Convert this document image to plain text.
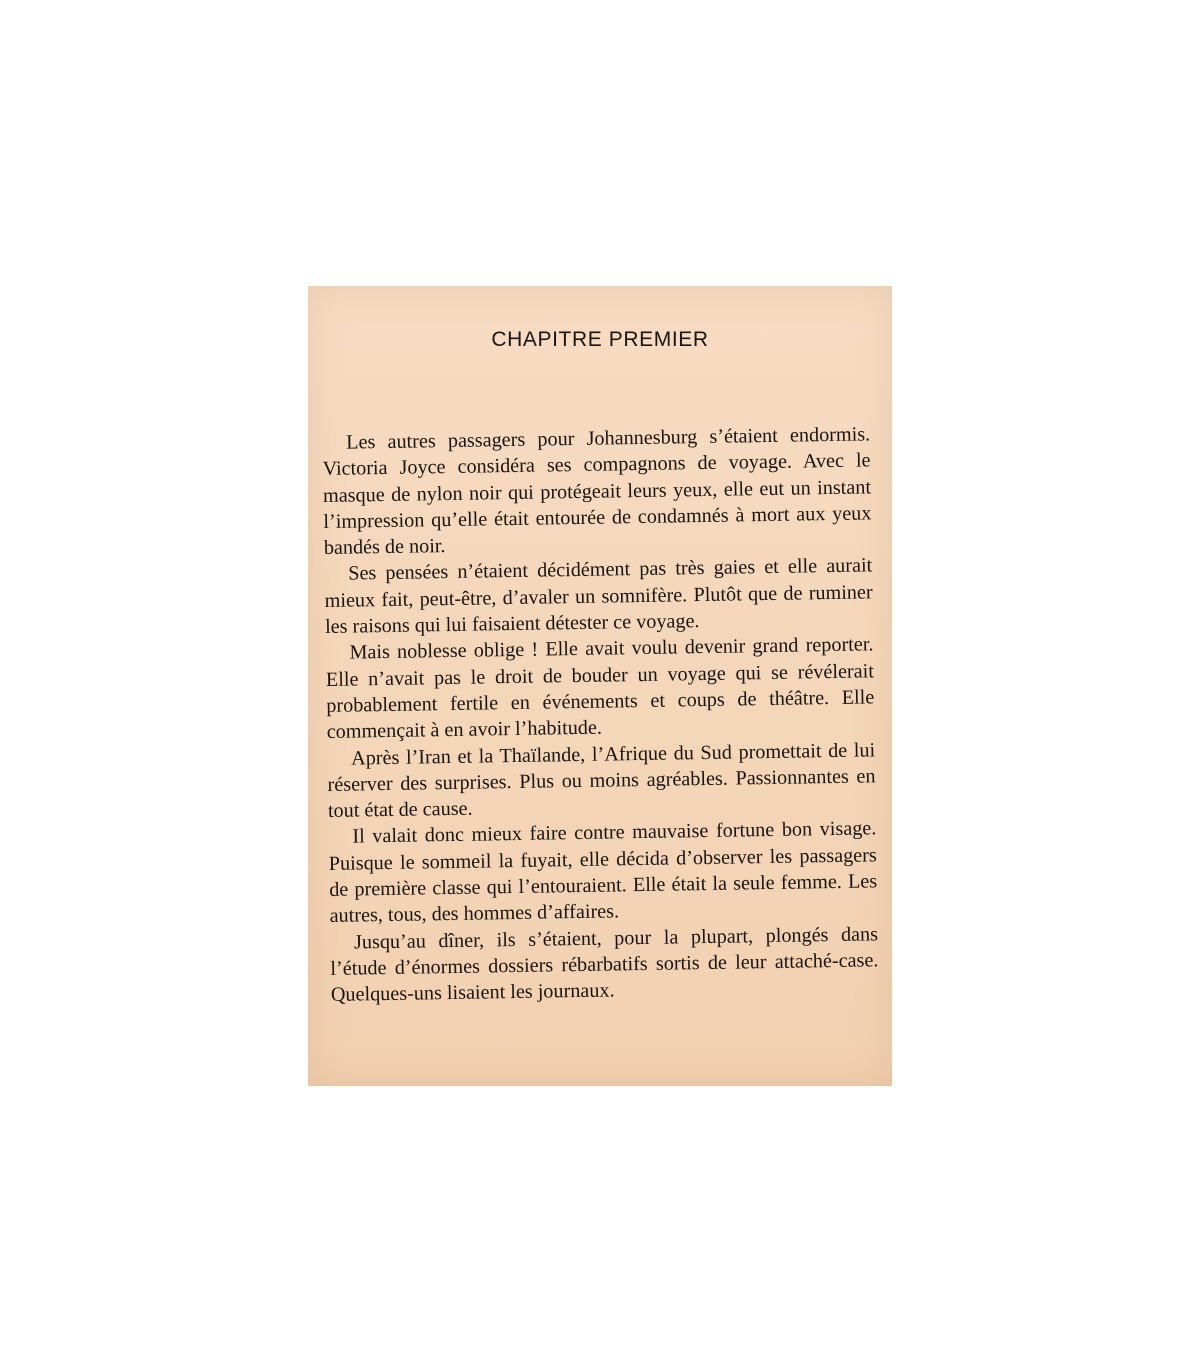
CHAPITRE PREMIER

Les autres passagers pour Johannesburg s’étaient endormis. Victoria Joyce considéra ses compagnons de voyage. Avec le masque de nylon noir qui protégeait leurs yeux, elle eut un instant l’impression qu’elle était entourée de condamnés à mort aux yeux bandés de noir.

Ses pensées n’étaient décidément pas très gaies et elle aurait mieux fait, peut-être, d’avaler un somnifère. Plutôt que de ruminer les raisons qui lui faisaient détester ce voyage.

Mais noblesse oblige ! Elle avait voulu devenir grand reporter. Elle n’avait pas le droit de bouder un voyage qui se révélerait probablement fertile en événements et coups de théâtre. Elle commençait à en avoir l’habitude.

Après l’Iran et la Thaïlande, l’Afrique du Sud promettait de lui réserver des surprises. Plus ou moins agréables. Passionnantes en tout état de cause.

Il valait donc mieux faire contre mauvaise fortune bon visage. Puisque le sommeil la fuyait, elle décida d’observer les passagers de première classe qui l’entouraient. Elle était la seule femme. Les autres, tous, des hommes d’affaires.

Jusqu’au dîner, ils s’étaient, pour la plupart, plongés dans l’étude d’énormes dossiers rébarbatifs sortis de leur attaché-case. Quelques-uns lisaient les journaux.
